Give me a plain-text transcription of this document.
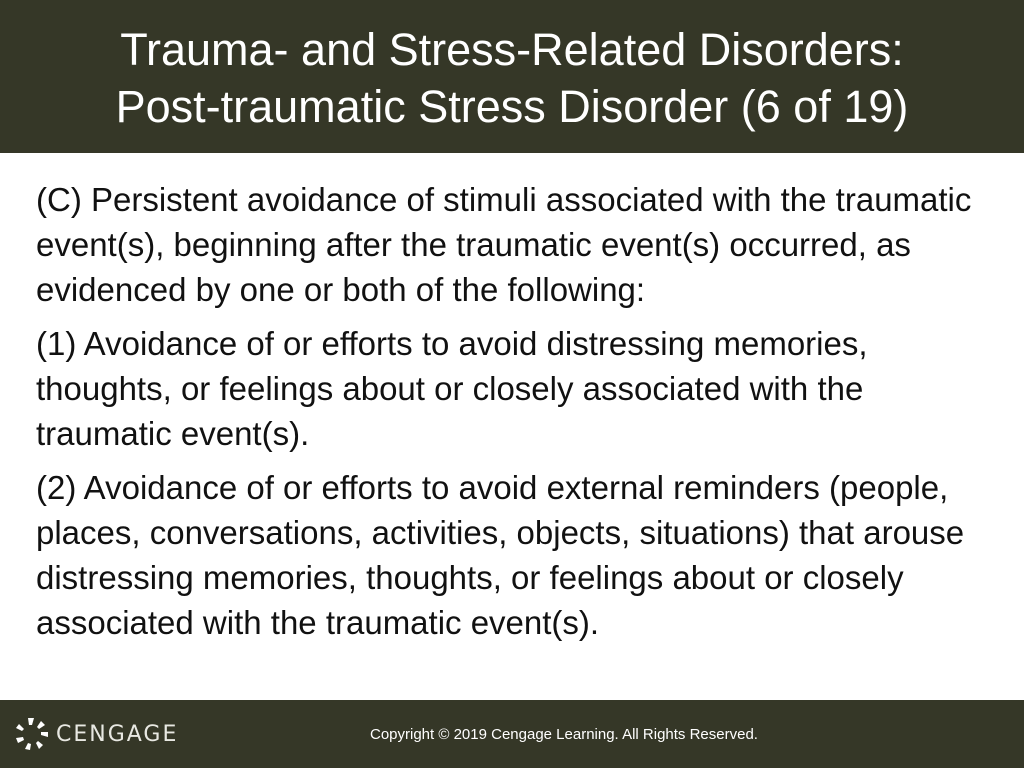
Trauma- and Stress-Related Disorders:
Post-traumatic Stress Disorder (6 of 19)

(C) Persistent avoidance of stimuli associated with the traumatic event(s), beginning after the traumatic event(s) occurred, as evidenced by one or both of the following:

(1) Avoidance of or efforts to avoid distressing memories, thoughts, or feelings about or closely associated with the traumatic event(s).

(2) Avoidance of or efforts to avoid external reminders (people, places, conversations, activities, objects, situations) that arouse distressing memories, thoughts, or feelings about or closely associated with the traumatic event(s).

CENGAGE	Copyright © 2019 Cengage Learning. All Rights Reserved.
